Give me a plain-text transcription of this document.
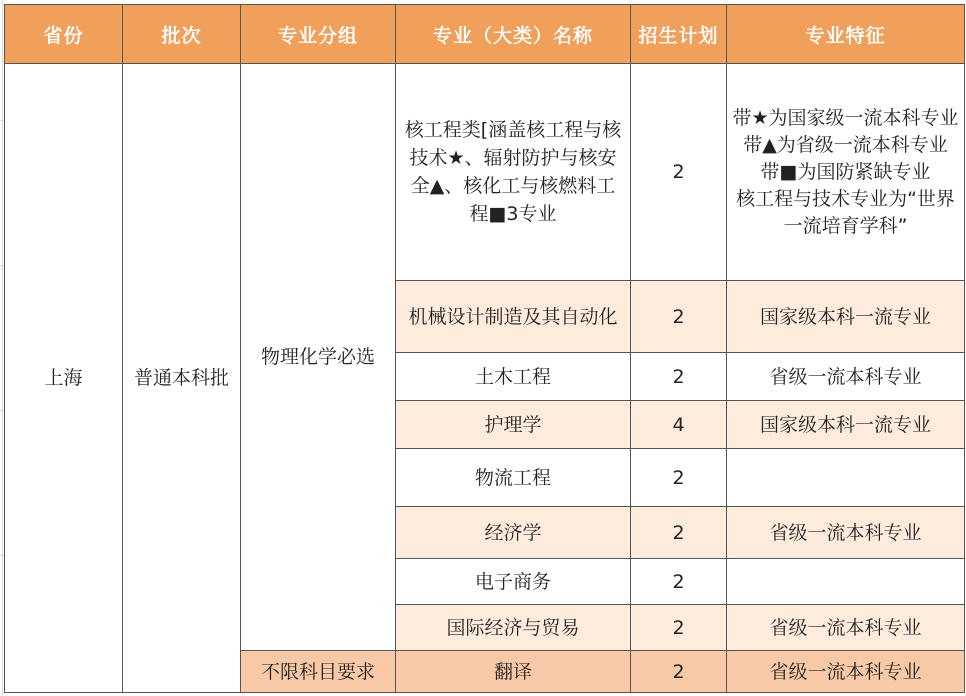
省份	批次	专业分组	专业（大类）名称	招生计划	专业特征
上海	普通本科批	物理化学必选	核工程类[涵盖核工程与核技术★、辐射防护与核安全▲、核化工与核燃料工程■3专业	2	带★为国家级一流本科专业
带▲为省级一流本科专业
带■为国防紧缺专业
核工程与技术专业为“世界一流培育学科”
			机械设计制造及其自动化	2	国家级本科一流专业
			土木工程	2	省级一流本科专业
			护理学	4	国家级本科一流专业
			物流工程	2	
			经济学	2	省级一流本科专业
			电子商务	2	
			国际经济与贸易	2	省级一流本科专业
		不限科目要求	翻译	2	省级一流本科专业
